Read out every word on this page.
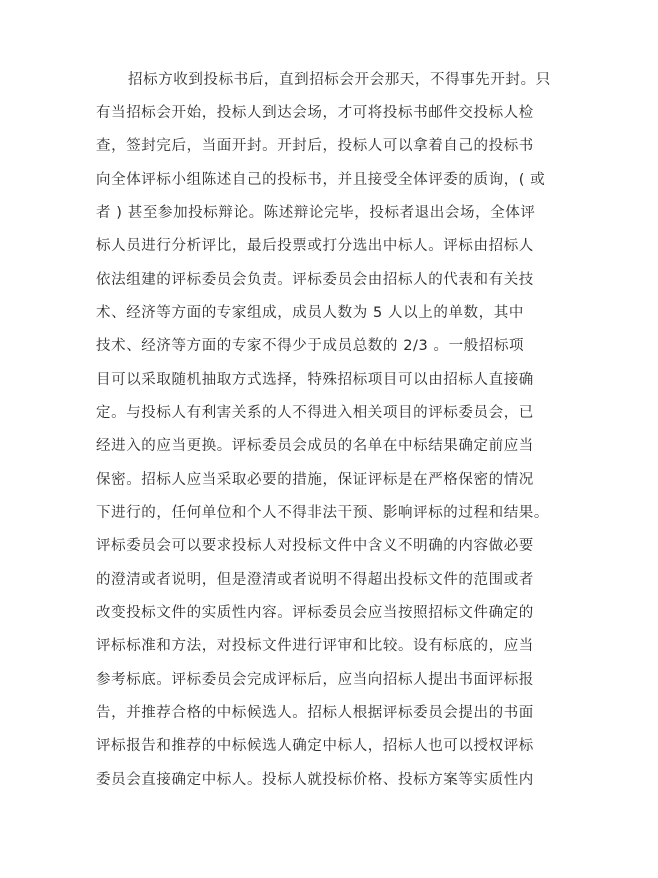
招标方收到投标书后，直到招标会开会那天，不得事先开封。只
有当招标会开始，投标人到达会场，才可将投标书邮件交投标人检
查，签封完后，当面开封。开封后，投标人可以拿着自己的投标书
向全体评标小组陈述自己的投标书，并且接受全体评委的质询，( 或
者 ) 甚至参加投标辩论。陈述辩论完毕，投标者退出会场，全体评
标人员进行分析评比，最后投票或打分选出中标人。评标由招标人
依法组建的评标委员会负责。评标委员会由招标人的代表和有关技
术、经济等方面的专家组成，成员人数为 5 人以上的单数，其中
技术、经济等方面的专家不得少于成员总数的 2/3 。一般招标项
目可以采取随机抽取方式选择，特殊招标项目可以由招标人直接确
定。与投标人有利害关系的人不得进入相关项目的评标委员会，已
经进入的应当更换。评标委员会成员的名单在中标结果确定前应当
保密。招标人应当采取必要的措施，保证评标是在严格保密的情况
下进行的，任何单位和个人不得非法干预、影响评标的过程和结果。
评标委员会可以要求投标人对投标文件中含义不明确的内容做必要
的澄清或者说明，但是澄清或者说明不得超出投标文件的范围或者
改变投标文件的实质性内容。评标委员会应当按照招标文件确定的
评标标准和方法，对投标文件进行评审和比较。设有标底的，应当
参考标底。评标委员会完成评标后，应当向招标人提出书面评标报
告，并推荐合格的中标候选人。招标人根据评标委员会提出的书面
评标报告和推荐的中标候选人确定中标人，招标人也可以授权评标
委员会直接确定中标人。投标人就投标价格、投标方案等实质性内
